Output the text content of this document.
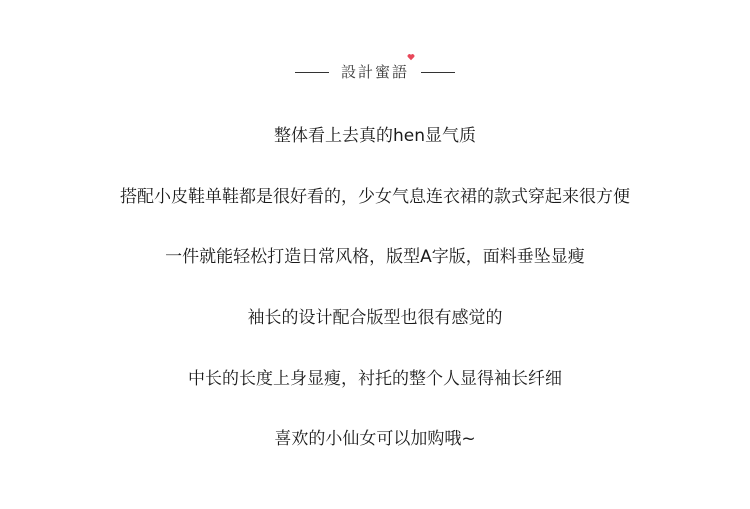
設計蜜語
整体看上去真的hen显气质
搭配小皮鞋单鞋都是很好看的，少女气息连衣裙的款式穿起来很方便
一件就能轻松打造日常风格，版型A字版，面料垂坠显瘦
袖长的设计配合版型也很有感觉的
中长的长度上身显瘦，衬托的整个人显得袖长纤细
喜欢的小仙女可以加购哦~
